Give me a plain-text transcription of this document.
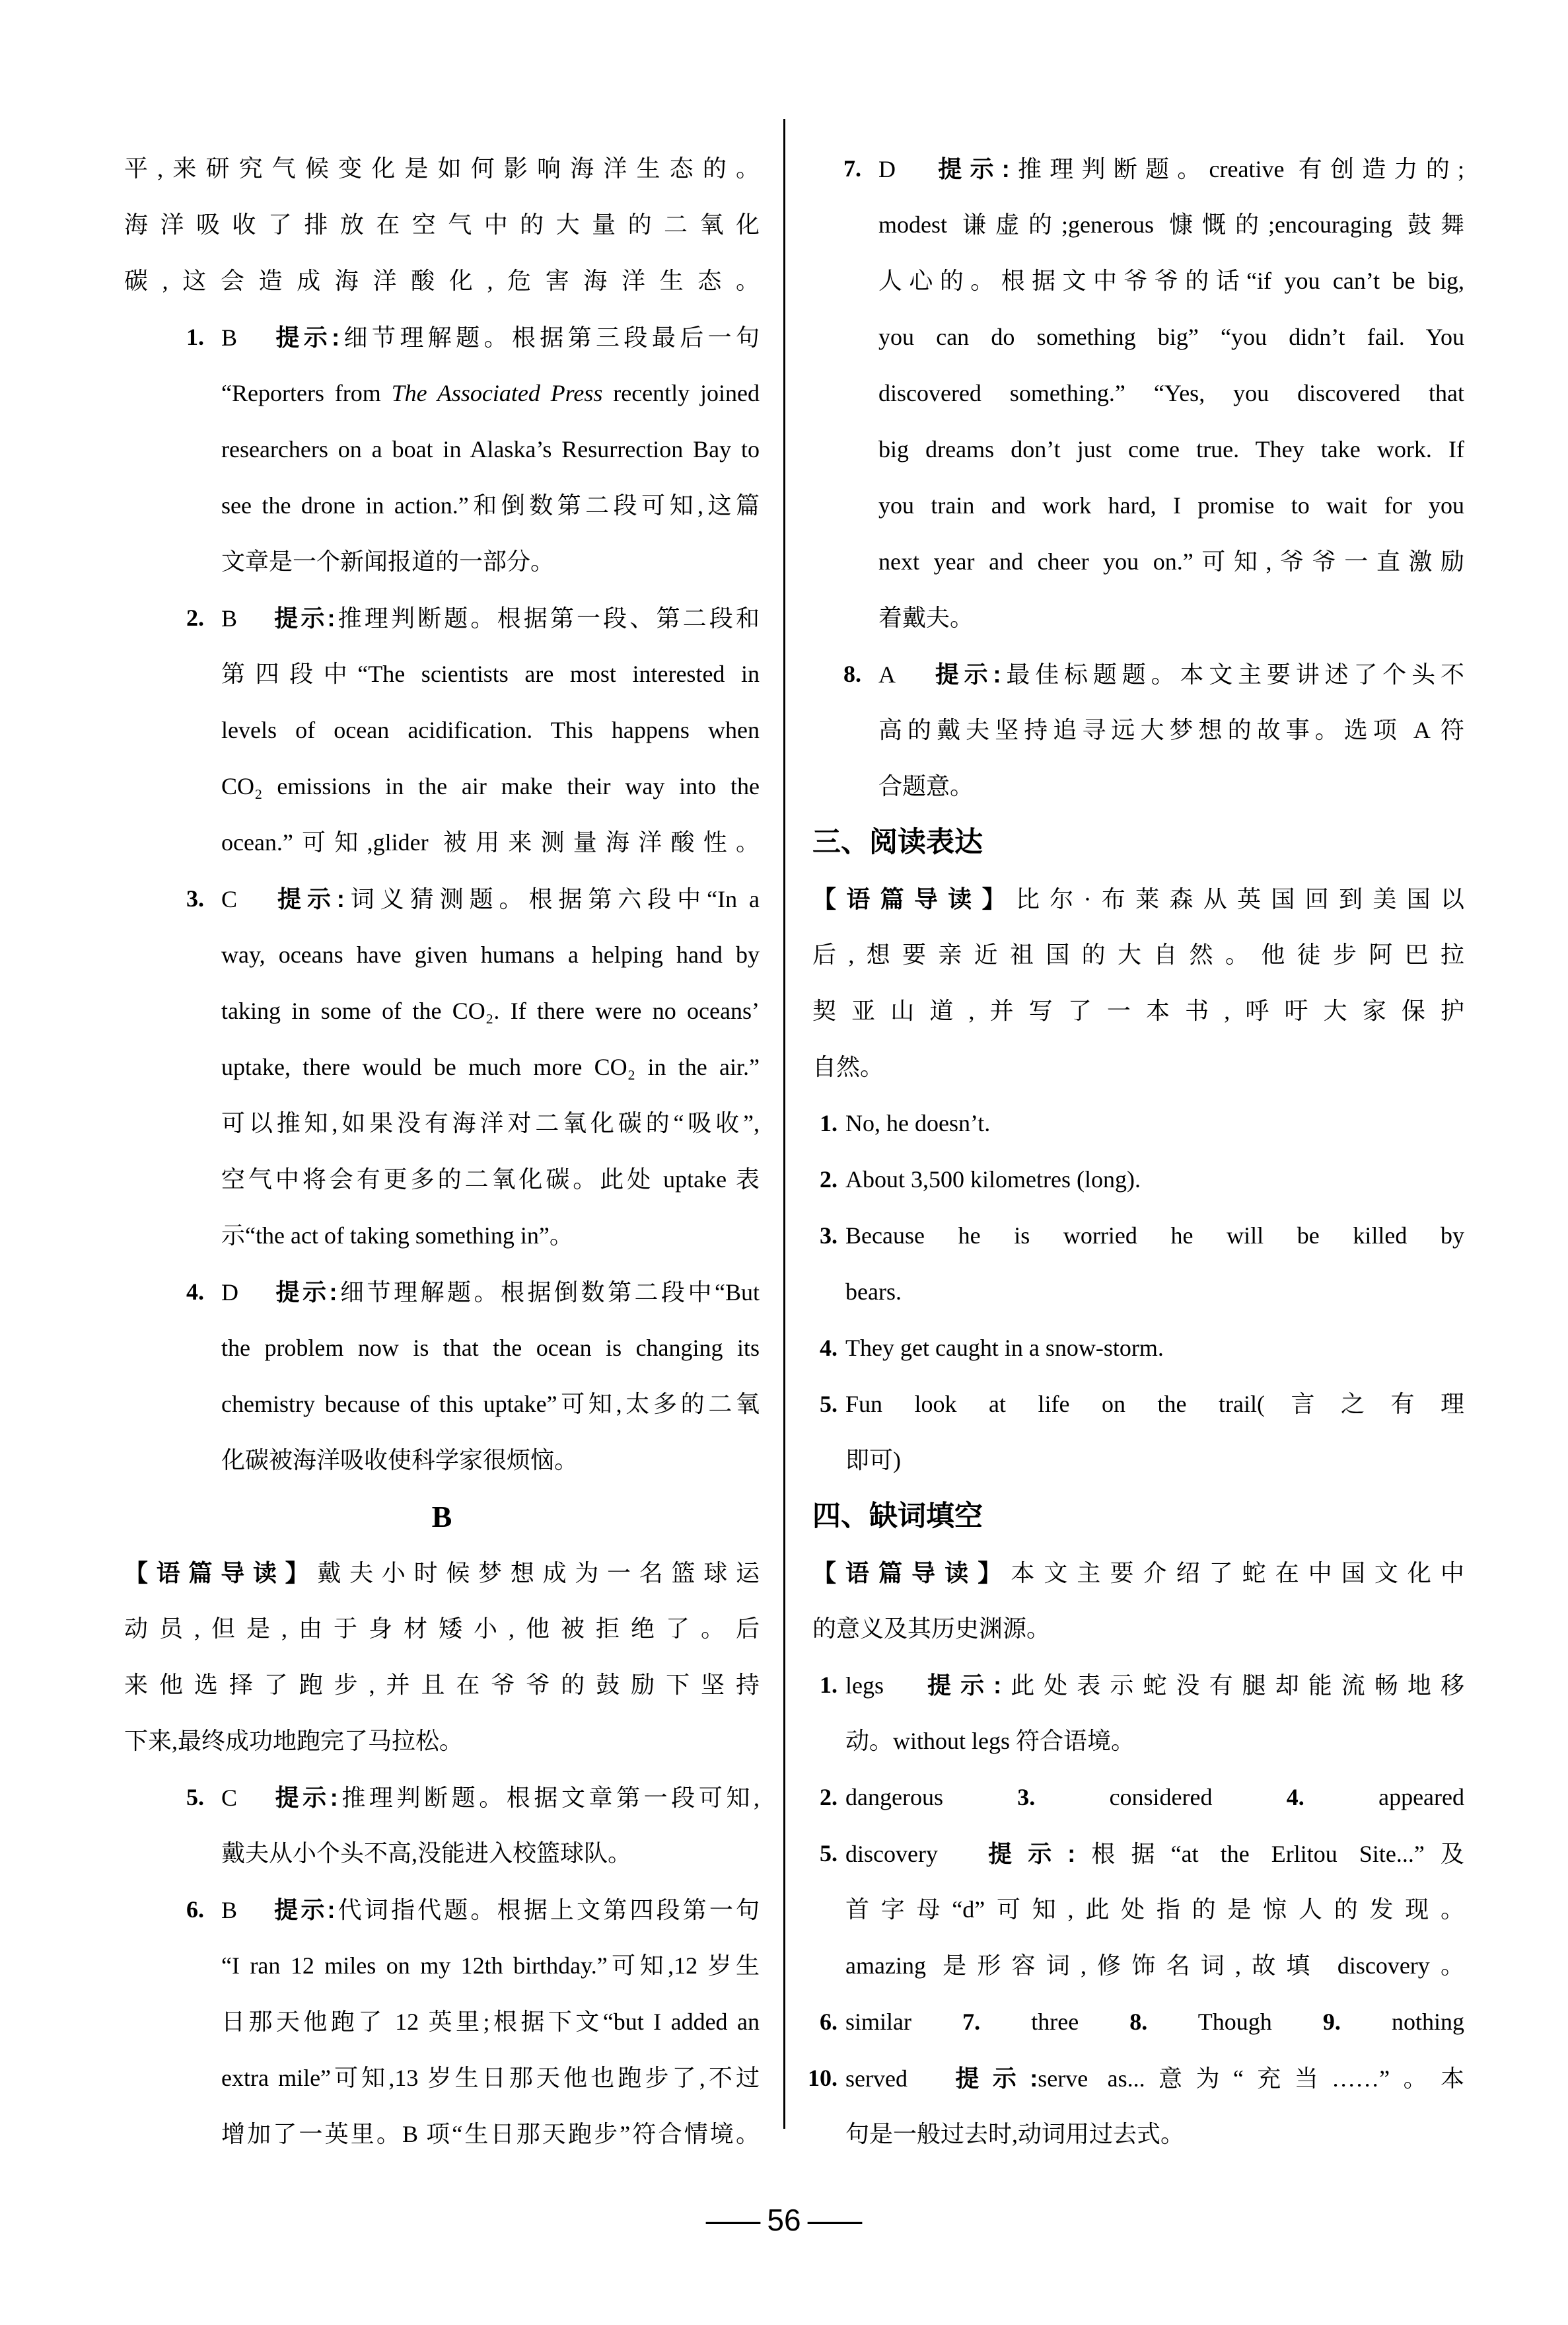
平,来研究气候变化是如何影响海洋生态的。
海洋吸收了排放在空气中的大量的二氧化
碳,这会造成海洋酸化,危害海洋生态。
1. B 提示:细节理解题。根据第三段最后一句
“Reporters from The Associated Press recently joined
researchers on a boat in Alaska’s Resurrection Bay to
see the drone in action.”和倒数第二段可知,这篇
文章是一个新闻报道的一部分。
2. B 提示:推理判断题。根据第一段、第二段和
第四段中“The scientists are most interested in
levels of ocean acidification. This happens when
CO₂ emissions in the air make their way into the
ocean.”可知,glider 被用来测量海洋酸性。
3. C 提示:词义猜测题。根据第六段中“In a
way, oceans have given humans a helping hand by
taking in some of the CO₂. If there were no oceans’
uptake, there would be much more CO₂ in the air.”
可以推知,如果没有海洋对二氧化碳的“吸收”,
空气中将会有更多的二氧化碳。此处 uptake 表
示“the act of taking something in”。
4. D 提示:细节理解题。根据倒数第二段中“But
the problem now is that the ocean is changing its
chemistry because of this uptake”可知,太多的二氧
化碳被海洋吸收使科学家很烦恼。
B
【语篇导读】戴夫小时候梦想成为一名篮球运
动员,但是,由于身材矮小,他被拒绝了。后
来他选择了跑步,并且在爷爷的鼓励下坚持
下来,最终成功地跑完了马拉松。
5. C 提示:推理判断题。根据文章第一段可知,
戴夫从小个头不高,没能进入校篮球队。
6. B 提示:代词指代题。根据上文第四段第一句
“I ran 12 miles on my 12th birthday.”可知,12 岁生
日那天他跑了 12 英里;根据下文“but I added an
extra mile”可知,13 岁生日那天他也跑步了,不过
增加了一英里。B 项“生日那天跑步”符合情境。
7. D 提示:推理判断题。creative 有创造力的;
modest 谦虚的;generous 慷慨的;encouraging 鼓舞
人心的。根据文中爷爷的话“if you can’t be big,
you can do something big” “you didn’t fail. You
discovered something.” “Yes, you discovered that
big dreams don’t just come true. They take work. If
you train and work hard, I promise to wait for you
next year and cheer you on.”可知,爷爷一直激励
着戴夫。
8. A 提示:最佳标题题。本文主要讲述了个头不
高的戴夫坚持追寻远大梦想的故事。选项 A 符
合题意。
三、阅读表达
【语篇导读】比尔·布莱森从英国回到美国以
后,想要亲近祖国的大自然。他徒步阿巴拉
契亚山道,并写了一本书,呼吁大家保护
自然。
1. No, he doesn’t.
2. About 3,500 kilometres (long).
3. Because he is worried he will be killed by
bears.
4. They get caught in a snow-storm.
5. Fun look at life on the trail(言之有理
即可)
四、缺词填空
【语篇导读】本文主要介绍了蛇在中国文化中
的意义及其历史渊源。
1. legs 提示:此处表示蛇没有腿却能流畅地移
动。without legs 符合语境。
2. dangerous 3. considered 4. appeared
5. discovery 提示:根据“at the Erlitou Site...”及
首字母“d”可知,此处指的是惊人的发现。
amazing 是形容词,修饰名词,故填 discovery。
6. similar 7. three 8. Though 9. nothing
10. served 提示:serve as...意为“充当……”。本
句是一般过去时,动词用过去式。
— 56 —
